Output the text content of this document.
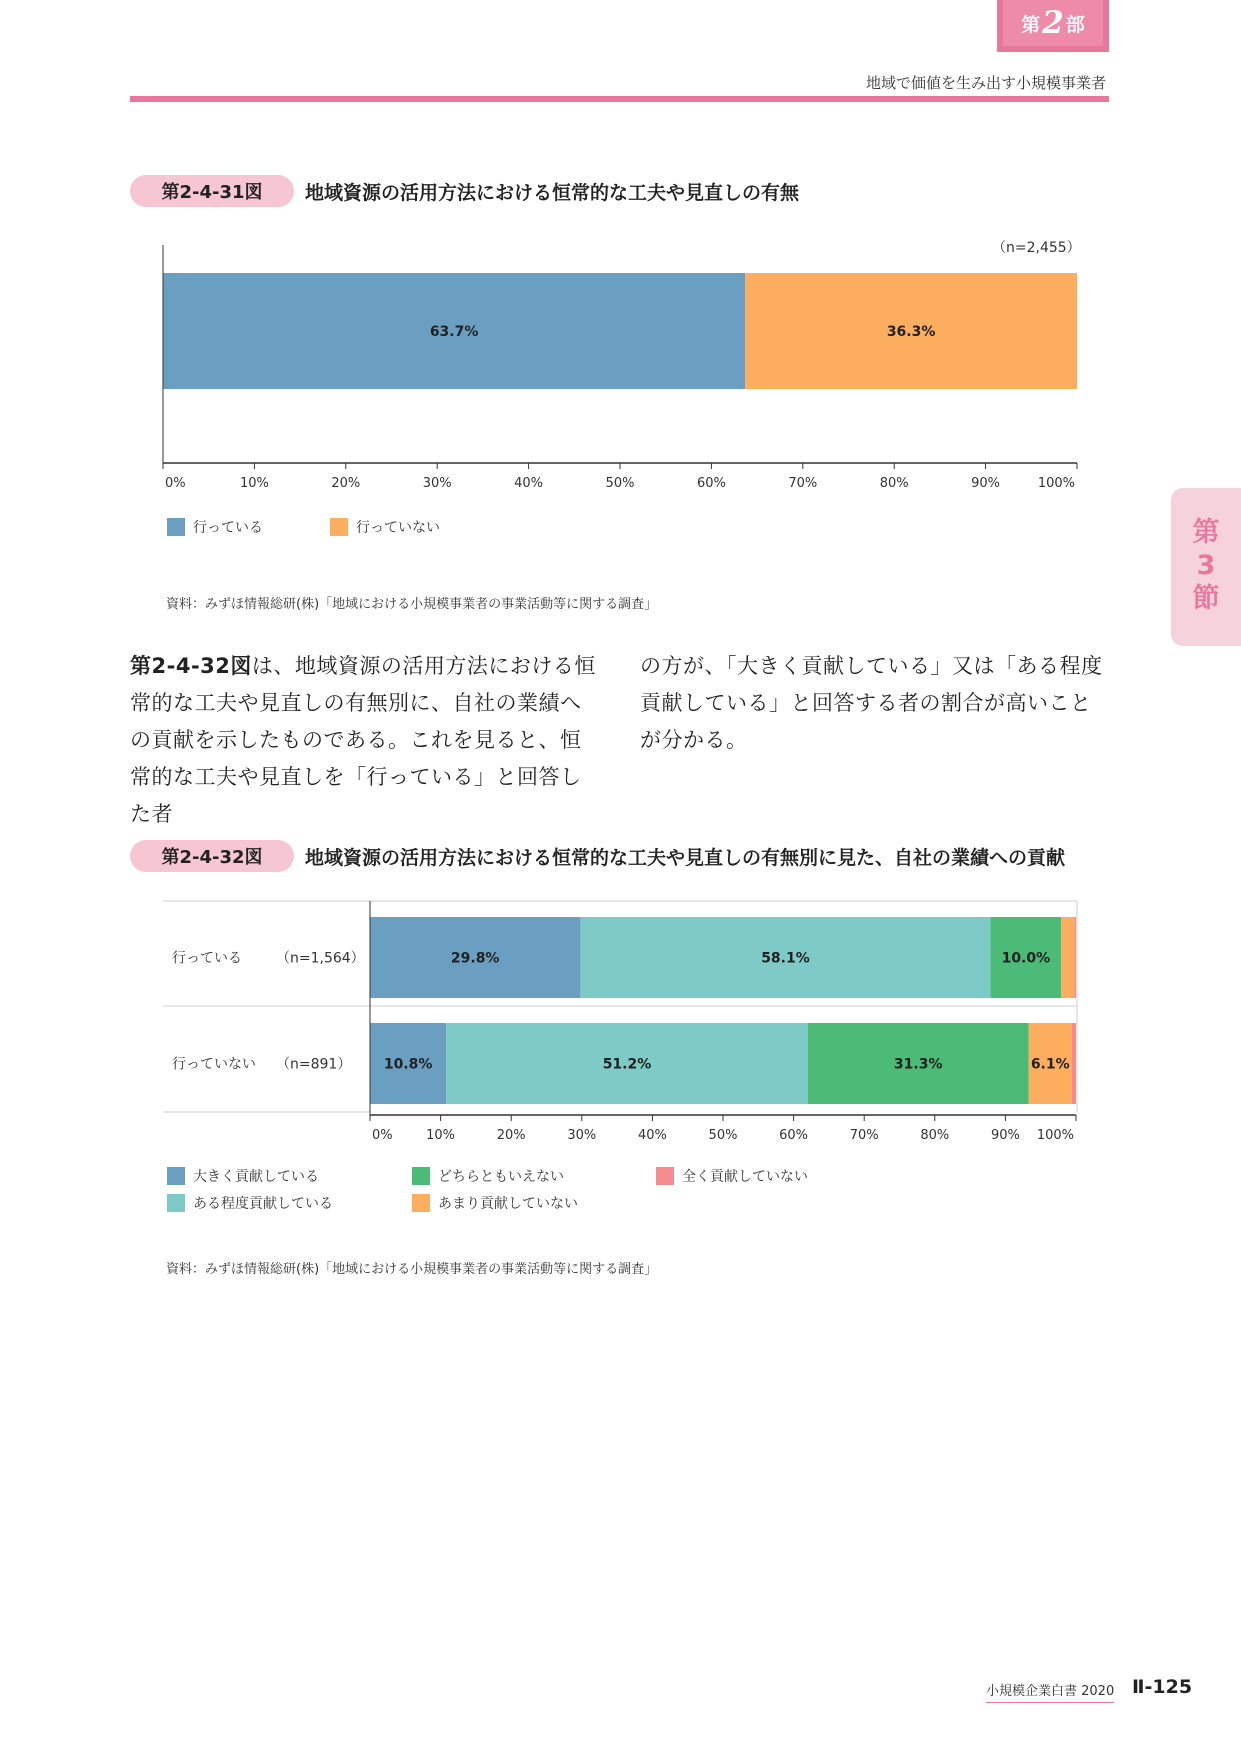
第 2 部
地域で価値を生み出す小規模事業者
第
3
節
第2-4-31図	地域資源の活用方法における恒常的な工夫や見直しの有無
（n=2,455）
63.7%	36.3%
0%	10%	20%	30%	40%	50%	60%	70%	80%	90%	100%
行っている	行っていない
資料：みずほ情報総研(株)「地域における小規模事業者の事業活動等に関する調査」
第2-4-32図は、地域資源の活用方法における恒常的な工夫や見直しの有無別に、自社の業績への貢献を示したものである。これを見ると、恒常的な工夫や見直しを「行っている」と回答した者
の方が、「大きく貢献している」又は「ある程度貢献している」と回答する者の割合が高いことが分かる。
第2-4-32図	地域資源の活用方法における恒常的な工夫や見直しの有無別に見た、自社の業績への貢献
行っている （n=1,564）
行っていない （n=891）
29.8%	58.1%	10.0%
10.8%	51.2%	31.3%	6.1%
0%	10%	20%	30%	40%	50%	60%	70%	80%	90% 100%
大きく貢献している
ある程度貢献している
どちらともいえない
あまり貢献していない
全く貢献していない
資料：みずほ情報総研(株)「地域における小規模事業者の事業活動等に関する調査」
小規模企業白書 2020 Ⅱ-125
